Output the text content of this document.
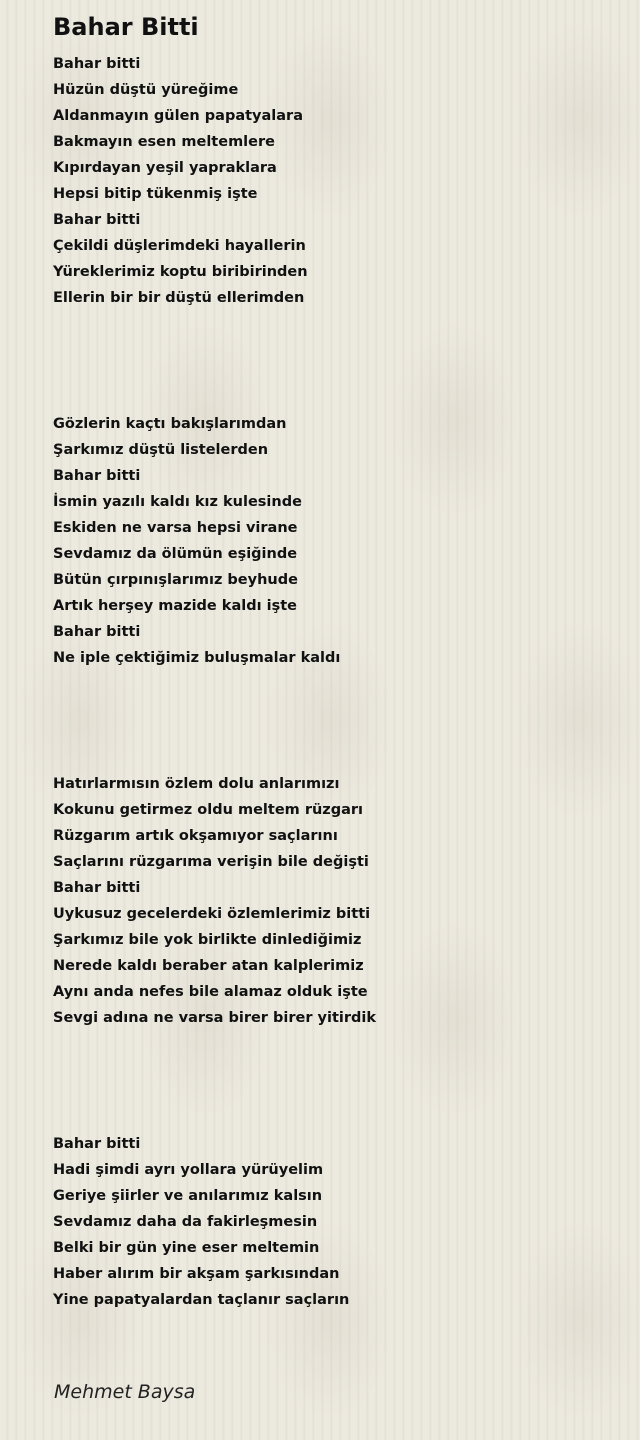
Bahar Bitti
Bahar bitti
Hüzün düştü yüreğime
Aldanmayın gülen papatyalara
Bakmayın esen meltemlere
Kıpırdayan yeşil yapraklara
Hepsi bitip tükenmiş işte
Bahar bitti
Çekildi düşlerimdeki hayallerin
Yüreklerimiz koptu biribirinden
Ellerin bir bir düştü ellerimden
Gözlerin kaçtı bakışlarımdan
Şarkımız düştü listelerden
Bahar bitti
İsmin yazılı kaldı kız kulesinde
Eskiden ne varsa hepsi virane
Sevdamız da ölümün eşiğinde
Bütün çırpınışlarımız beyhude
Artık herşey mazide kaldı işte
Bahar bitti
Ne iple çektiğimiz buluşmalar kaldı
Hatırlarmısın özlem dolu anlarımızı
Kokunu getirmez oldu meltem rüzgarı
Rüzgarım artık okşamıyor saçlarını
Saçlarını rüzgarıma verişin bile değişti
Bahar bitti
Uykusuz gecelerdeki özlemlerimiz bitti
Şarkımız bile yok birlikte dinlediğimiz
Nerede kaldı beraber atan kalplerimiz
Aynı anda nefes bile alamaz olduk işte
Sevgi adına ne varsa birer birer yitirdik
Bahar bitti
Hadi şimdi ayrı yollara yürüyelim
Geriye şiirler ve anılarımız kalsın
Sevdamız daha da fakirleşmesin
Belki bir gün yine eser meltemin
Haber alırım bir akşam şarkısından
Yine papatyalardan taçlanır saçların

Mehmet Baysa
